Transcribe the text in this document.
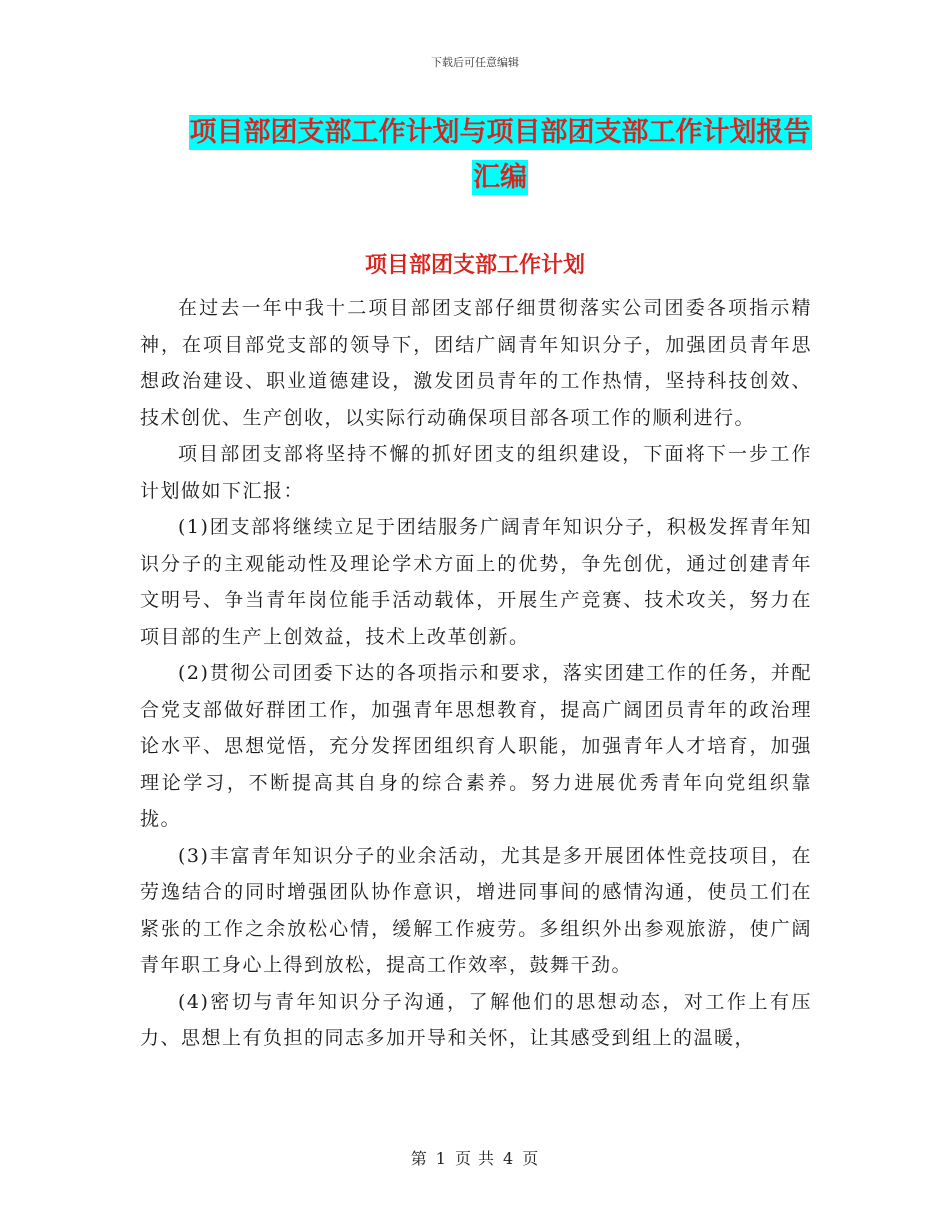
下载后可任意编辑
项目部团支部工作计划与项目部团支部工作计划报告
汇编
项目部团支部工作计划

在过去一年中我十二项目部团支部仔细贯彻落实公司团委各项指示精神，在项目部党支部的领导下，团结广阔青年知识分子，加强团员青年思想政治建设、职业道德建设，激发团员青年的工作热情，坚持科技创效、技术创优、生产创收，以实际行动确保项目部各项工作的顺利进行。

项目部团支部将坚持不懈的抓好团支的组织建设，下面将下一步工作计划做如下汇报：

(1)团支部将继续立足于团结服务广阔青年知识分子，积极发挥青年知识分子的主观能动性及理论学术方面上的优势，争先创优，通过创建青年文明号、争当青年岗位能手活动载体，开展生产竞赛、技术攻关，努力在项目部的生产上创效益，技术上改革创新。

(2)贯彻公司团委下达的各项指示和要求，落实团建工作的任务，并配合党支部做好群团工作，加强青年思想教育，提高广阔团员青年的政治理论水平、思想觉悟，充分发挥团组织育人职能，加强青年人才培育，加强理论学习，不断提高其自身的综合素养。努力进展优秀青年向党组织靠拢。

(3)丰富青年知识分子的业余活动，尤其是多开展团体性竞技项目，在劳逸结合的同时增强团队协作意识，增进同事间的感情沟通，使员工们在紧张的工作之余放松心情，缓解工作疲劳。多组织外出参观旅游，使广阔青年职工身心上得到放松，提高工作效率，鼓舞干劲。

(4)密切与青年知识分子沟通，了解他们的思想动态，对工作上有压力、思想上有负担的同志多加开导和关怀，让其感受到组上的温暖，

第 1 页 共 4 页
